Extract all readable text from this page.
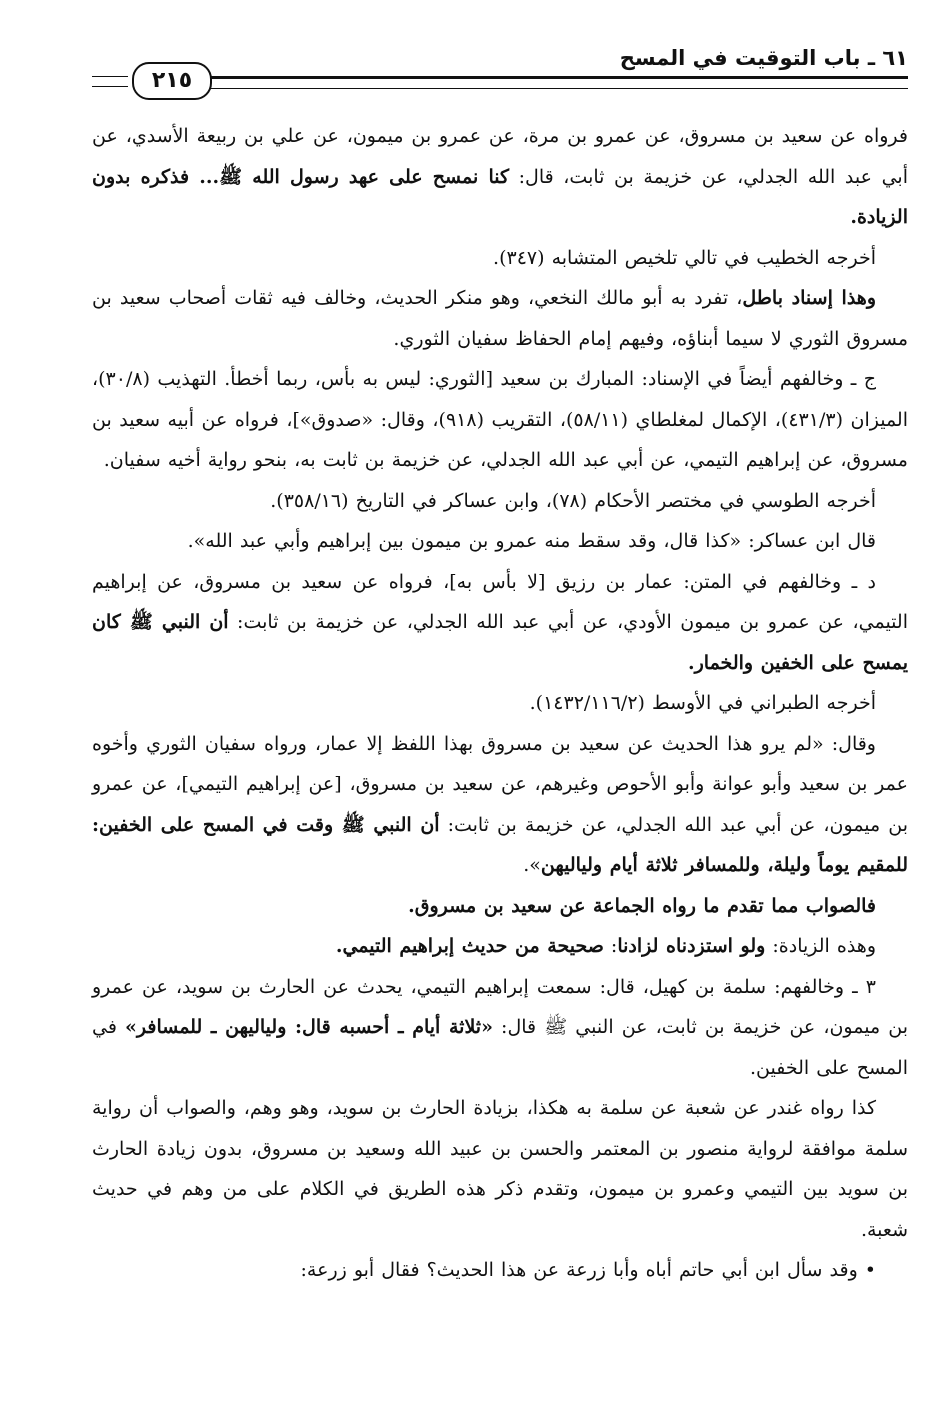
٦١ ـ باب التوقيت في المسح
٢١٥

فرواه عن سعيد بن مسروق، عن عمرو بن مرة، عن عمرو بن ميمون، عن علي بن ربيعة الأسدي، عن أبي عبد الله الجدلي، عن خزيمة بن ثابت، قال: كنا نمسح على عهد رسول الله ﷺ... فذكره بدون الزيادة.

أخرجه الخطيب في تالي تلخيص المتشابه (٣٤٧).

وهذا إسناد باطل، تفرد به أبو مالك النخعي، وهو منكر الحديث، وخالف فيه ثقات أصحاب سعيد بن مسروق الثوري لا سيما أبناؤه، وفيهم إمام الحفاظ سفيان الثوري.

ج ـ وخالفهم أيضاً في الإسناد: المبارك بن سعيد [الثوري: ليس به بأس، ربما أخطأ. التهذيب (٣٠/٨)، الميزان (٤٣١/٣)، الإكمال لمغلطاي (٥٨/١١)، التقريب (٩١٨)، وقال: «صدوق»]، فرواه عن أبيه سعيد بن مسروق، عن إبراهيم التيمي، عن أبي عبد الله الجدلي، عن خزيمة بن ثابت به، بنحو رواية أخيه سفيان.

أخرجه الطوسي في مختصر الأحكام (٧٨)، وابن عساكر في التاريخ (٣٥٨/١٦).

قال ابن عساكر: «كذا قال، وقد سقط منه عمرو بن ميمون بين إبراهيم وأبي عبد الله».

د ـ وخالفهم في المتن: عمار بن رزيق [لا بأس به]، فرواه عن سعيد بن مسروق، عن إبراهيم التيمي، عن عمرو بن ميمون الأودي، عن أبي عبد الله الجدلي، عن خزيمة بن ثابت: أن النبي ﷺ كان يمسح على الخفين والخمار.

أخرجه الطبراني في الأوسط (١٤٣٢/١١٦/٢).

وقال: «لم يرو هذا الحديث عن سعيد بن مسروق بهذا اللفظ إلا عمار، ورواه سفيان الثوري وأخوه عمر بن سعيد وأبو عوانة وأبو الأحوص وغيرهم، عن سعيد بن مسروق، [عن إبراهيم التيمي]، عن عمرو بن ميمون، عن أبي عبد الله الجدلي، عن خزيمة بن ثابت: أن النبي ﷺ وقت في المسح على الخفين: للمقيم يوماً وليلة، وللمسافر ثلاثة أيام ولياليهن».

فالصواب مما تقدم ما رواه الجماعة عن سعيد بن مسروق.

وهذه الزيادة: ولو استزدناه لزادنا: صحيحة من حديث إبراهيم التيمي.

٣ ـ وخالفهم: سلمة بن كهيل، قال: سمعت إبراهيم التيمي، يحدث عن الحارث بن سويد، عن عمرو بن ميمون، عن خزيمة بن ثابت، عن النبي ﷺ قال: «ثلاثة أيام ـ أحسبه قال: ولياليهن ـ للمسافر» في المسح على الخفين.

كذا رواه غندر عن شعبة عن سلمة به هكذا، بزيادة الحارث بن سويد، وهو وهم، والصواب أن رواية سلمة موافقة لرواية منصور بن المعتمر والحسن بن عبيد الله وسعيد بن مسروق، بدون زيادة الحارث بن سويد بين التيمي وعمرو بن ميمون، وتقدم ذكر هذه الطريق في الكلام على من وهم في حديث شعبة.

• وقد سأل ابن أبي حاتم أباه وأبا زرعة عن هذا الحديث؟ فقال أبو زرعة:
